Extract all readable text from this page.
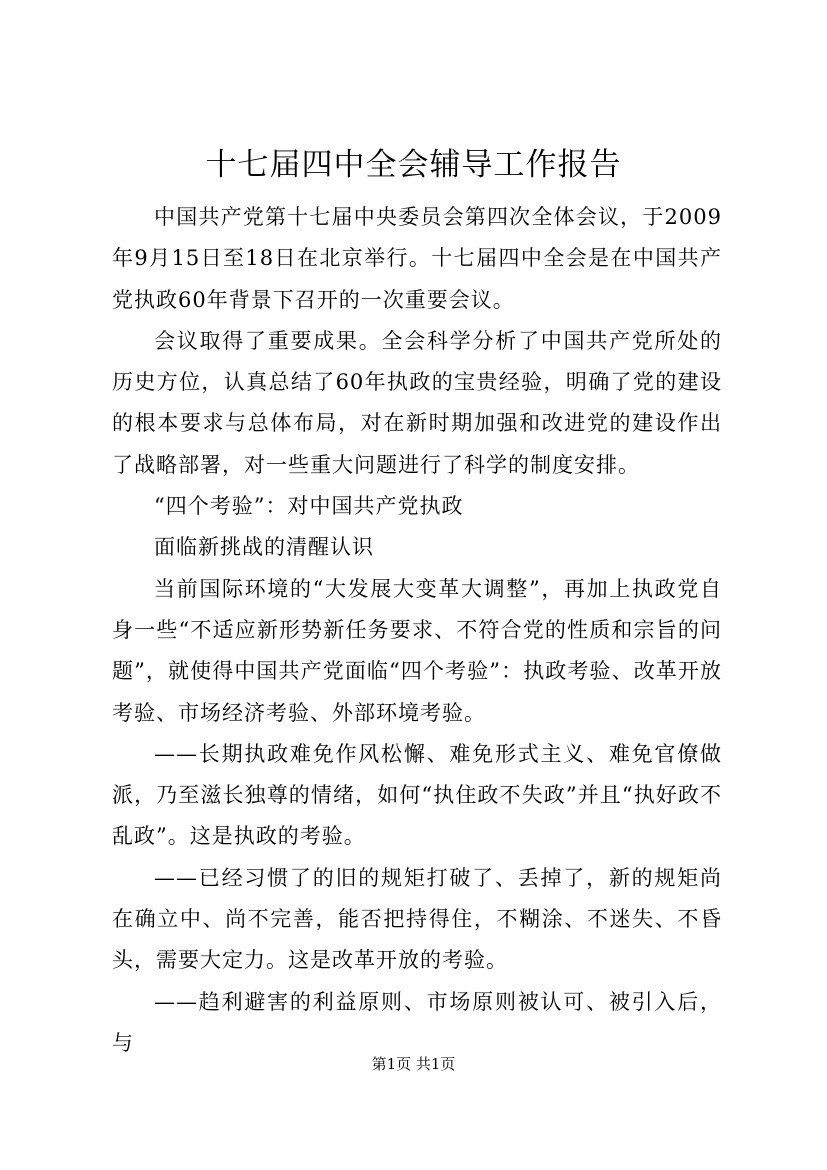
十七届四中全会辅导工作报告

中国共产党第十七届中央委员会第四次全体会议，于2009年9月15日至18日在北京举行。十七届四中全会是在中国共产党执政60年背景下召开的一次重要会议。

会议取得了重要成果。全会科学分析了中国共产党所处的历史方位，认真总结了60年执政的宝贵经验，明确了党的建设的根本要求与总体布局，对在新时期加强和改进党的建设作出了战略部署，对一些重大问题进行了科学的制度安排。

“四个考验”：对中国共产党执政

面临新挑战的清醒认识

当前国际环境的“大发展大变革大调整”，再加上执政党自身一些“不适应新形势新任务要求、不符合党的性质和宗旨的问题”，就使得中国共产党面临“四个考验”：执政考验、改革开放考验、市场经济考验、外部环境考验。

——长期执政难免作风松懈、难免形式主义、难免官僚做派，乃至滋长独尊的情绪，如何“执住政不失政”并且“执好政不乱政”。这是执政的考验。

——已经习惯了的旧的规矩打破了、丢掉了，新的规矩尚在确立中、尚不完善，能否把持得住，不糊涂、不迷失、不昏头，需要大定力。这是改革开放的考验。

——趋利避害的利益原则、市场原则被认可、被引入后，与

第1页 共1页
